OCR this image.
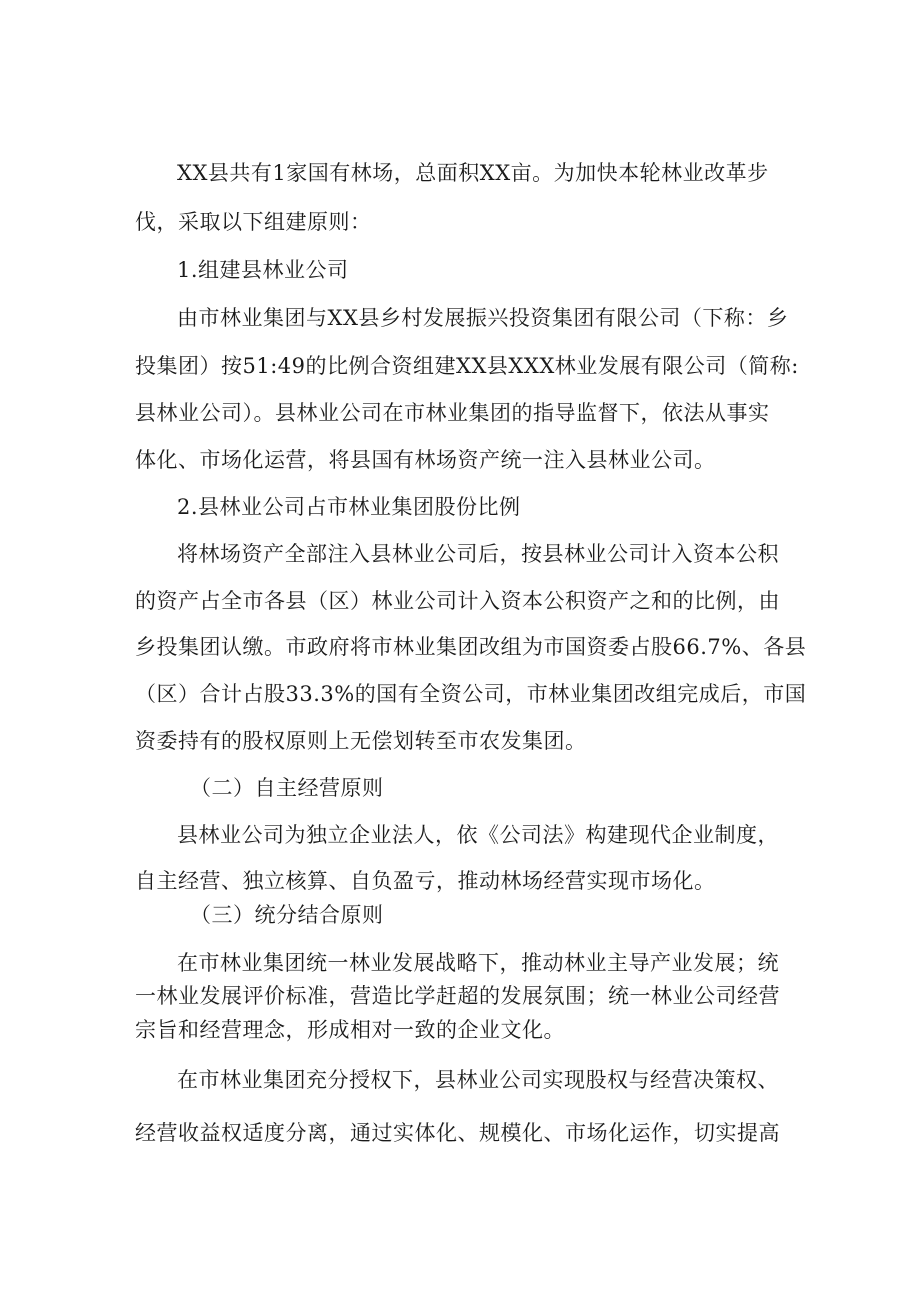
XX县共有1家国有林场，总面积XX亩。为加快本轮林业改革步

伐，采取以下组建原则：

1.组建县林业公司

由市林业集团与XX县乡村发展振兴投资集团有限公司（下称：乡

投集团）按51:49的比例合资组建XX县XXX林业发展有限公司（简称:

县林业公司）。县林业公司在市林业集团的指导监督下，依法从事实

体化、市场化运营，将县国有林场资产统一注入县林业公司。

2.县林业公司占市林业集团股份比例

将林场资产全部注入县林业公司后，按县林业公司计入资本公积

的资产占全市各县（区）林业公司计入资本公积资产之和的比例，由

乡投集团认缴。市政府将市林业集团改组为市国资委占股66.7%、各县

（区）合计占股33.3%的国有全资公司，市林业集团改组完成后，市国

资委持有的股权原则上无偿划转至市农发集团。

（二）自主经营原则

县林业公司为独立企业法人，依《公司法》构建现代企业制度，

自主经营、独立核算、自负盈亏，推动林场经营实现市场化。

（三）统分结合原则

在市林业集团统一林业发展战略下，推动林业主导产业发展；统

一林业发展评价标准，营造比学赶超的发展氛围；统一林业公司经营

宗旨和经营理念，形成相对一致的企业文化。

在市林业集团充分授权下，县林业公司实现股权与经营决策权、

经营收益权适度分离，通过实体化、规模化、市场化运作，切实提高
